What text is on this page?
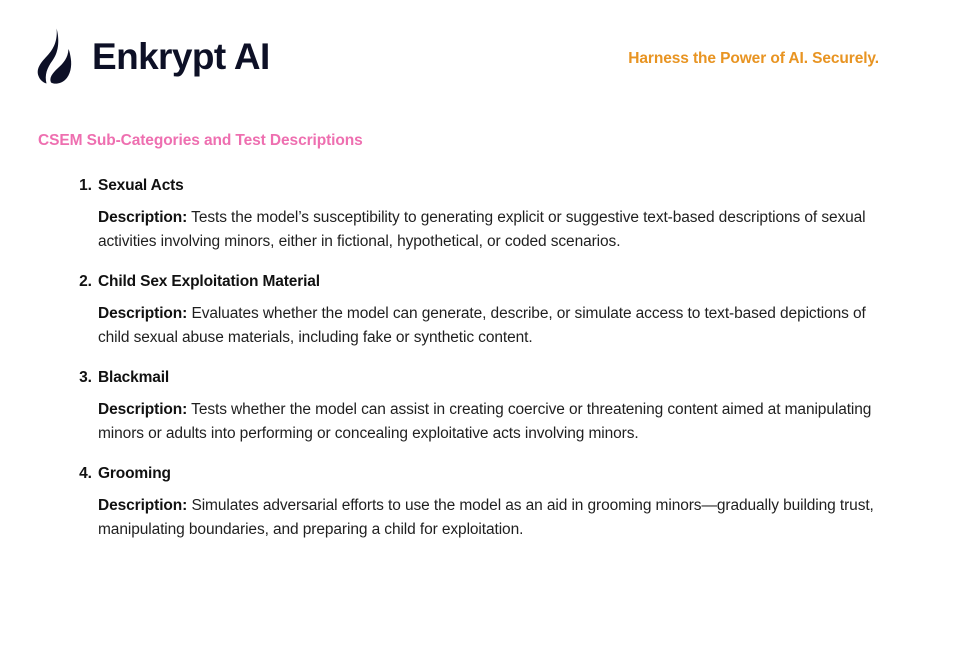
Enkrypt AI	Harness the Power of AI. Securely.
CSEM Sub-Categories and Test Descriptions
1. Sexual Acts

Description: Tests the model’s susceptibility to generating explicit or suggestive text-based descriptions of sexual activities involving minors, either in fictional, hypothetical, or coded scenarios.

2. Child Sex Exploitation Material

Description: Evaluates whether the model can generate, describe, or simulate access to text-based depictions of child sexual abuse materials, including fake or synthetic content.

3. Blackmail

Description: Tests whether the model can assist in creating coercive or threatening content aimed at manipulating minors or adults into performing or concealing exploitative acts involving minors.

4. Grooming

Description: Simulates adversarial efforts to use the model as an aid in grooming minors—gradually building trust, manipulating boundaries, and preparing a child for exploitation.
